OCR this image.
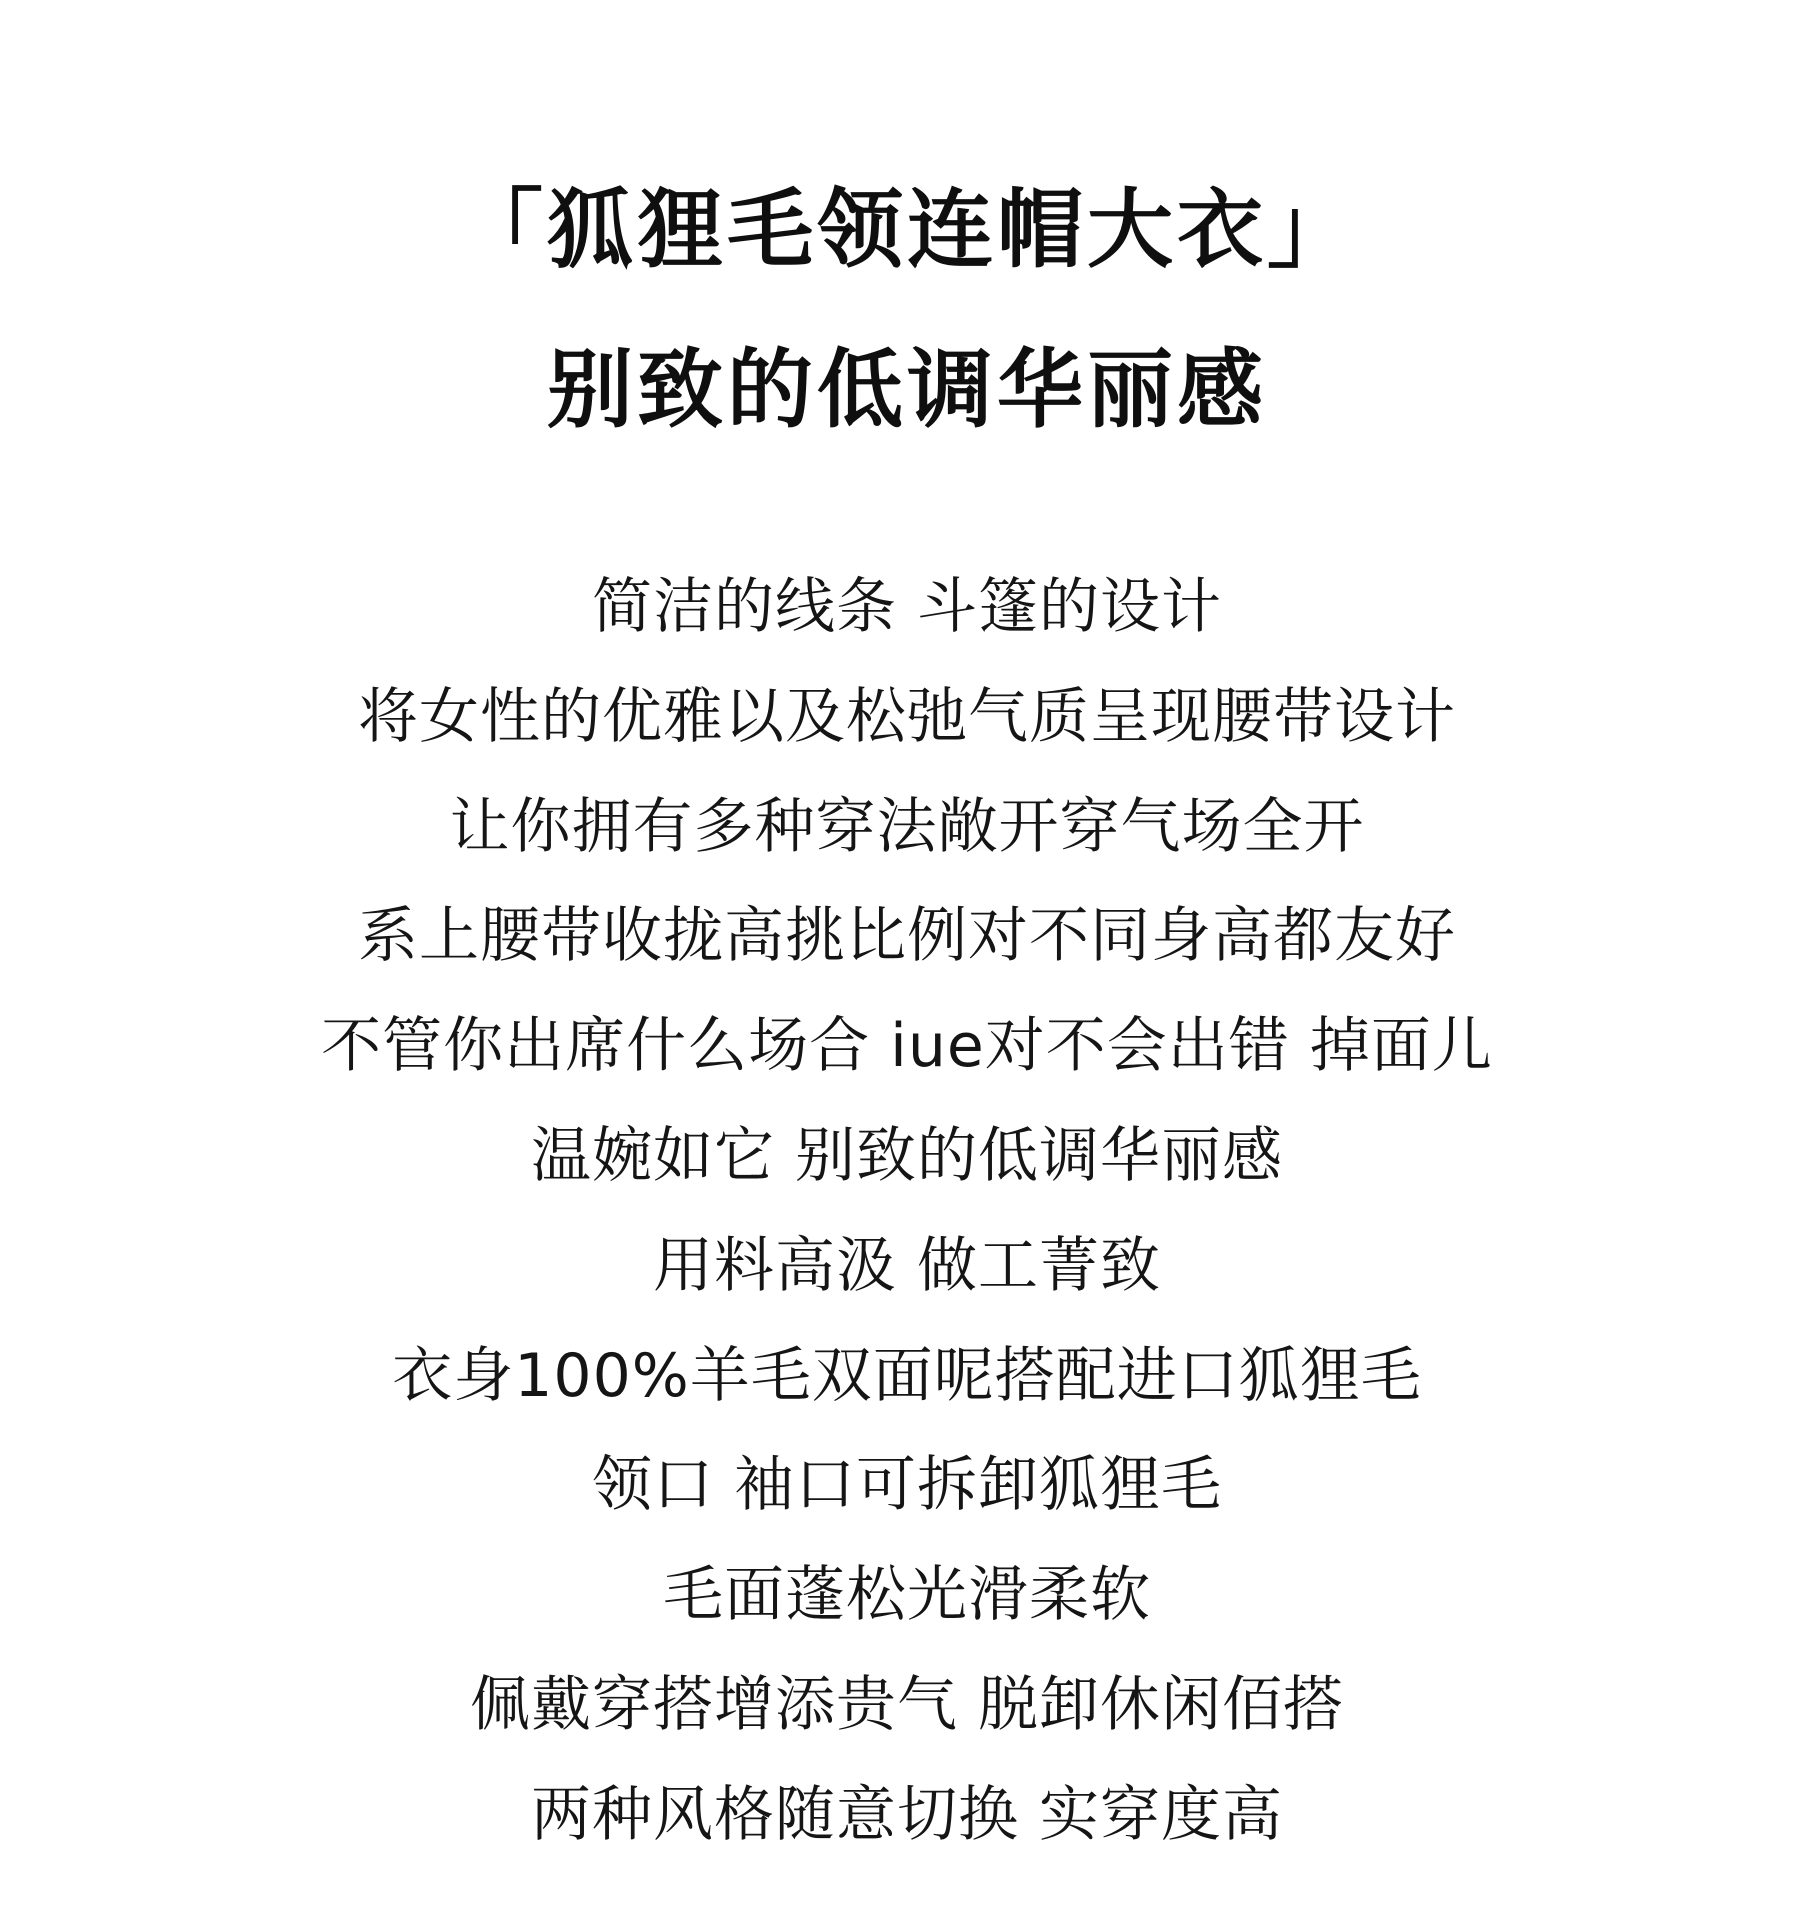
「狐狸毛领连帽大衣」
别致的低调华丽感
简洁的线条 斗篷的设计
将女性的优雅以及松弛气质呈现腰带设计
让你拥有多种穿法敞开穿气场全开
系上腰带收拢高挑比例对不同身高都友好
不管你出席什么场合 iue对不会出错 掉面儿
温婉如它 别致的低调华丽感
用料高汲 做工菁致
衣身100%羊毛双面呢搭配进口狐狸毛
领口 袖口可拆卸狐狸毛
毛面蓬松光滑柔软
佩戴穿搭增添贵气 脱卸休闲佰搭
两种风格随意切换 实穿度高
